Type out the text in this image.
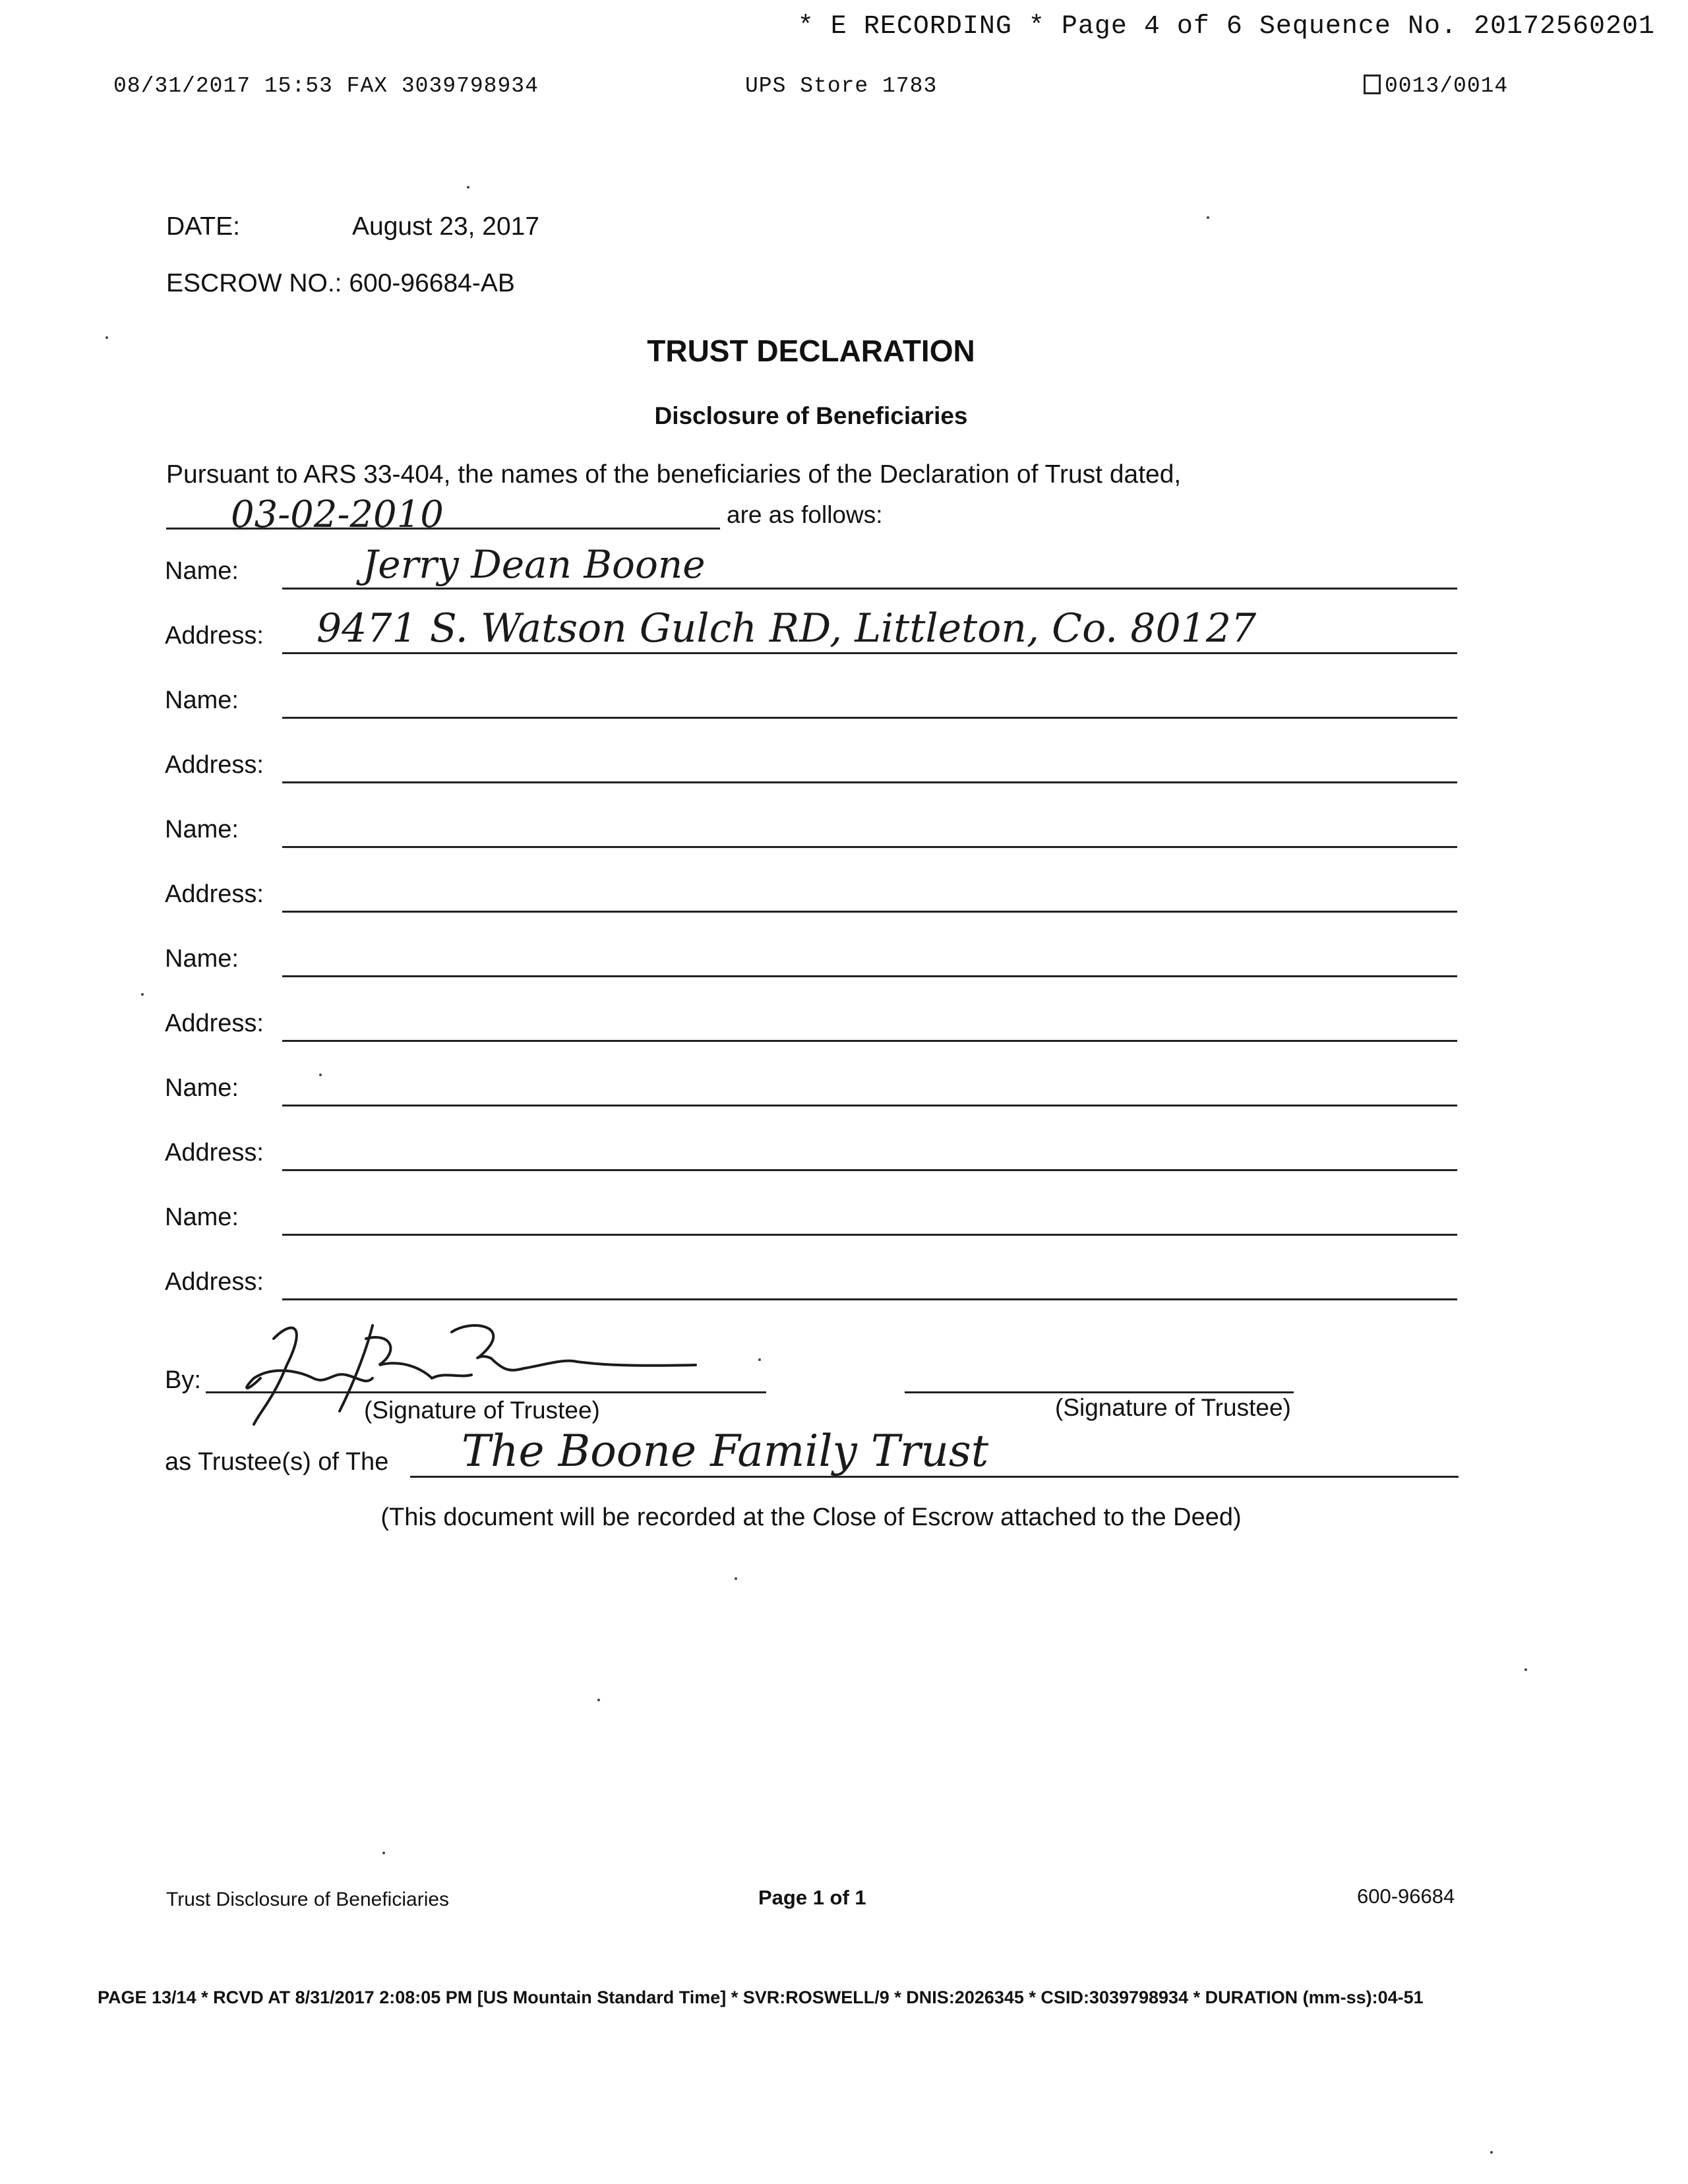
* E RECORDING * Page 4 of 6 Sequence No. 20172560201
08/31/2017 15:53 FAX 3039798934	UPS Store 1783	0013/0014
DATE:	August 23, 2017
ESCROW NO.: 600-96684-AB
TRUST DECLARATION
Disclosure of Beneficiaries
Pursuant to ARS 33-404, the names of the beneficiaries of the Declaration of Trust dated,
03-02-2010	are as follows:
Name:	Jerry Dean Boone
Address: 9471 S. Watson Gulch RD, Littleton, Co. 80127
Name:
Address:
Name:
Address:
Name:
Address:
Name:
Address:
Name:
Address:
By:
(Signature of Trustee)	(Signature of Trustee)
as Trustee(s) of The The Boone Family Trust
(This document will be recorded at the Close of Escrow attached to the Deed)
Trust Disclosure of Beneficiaries	Page 1 of 1	600-96684
PAGE 13/14 * RCVD AT 8/31/2017 2:08:05 PM [US Mountain Standard Time] * SVR:ROSWELL/9 * DNIS:2026345 * CSID:3039798934 * DURATION (mm-ss):04-51
